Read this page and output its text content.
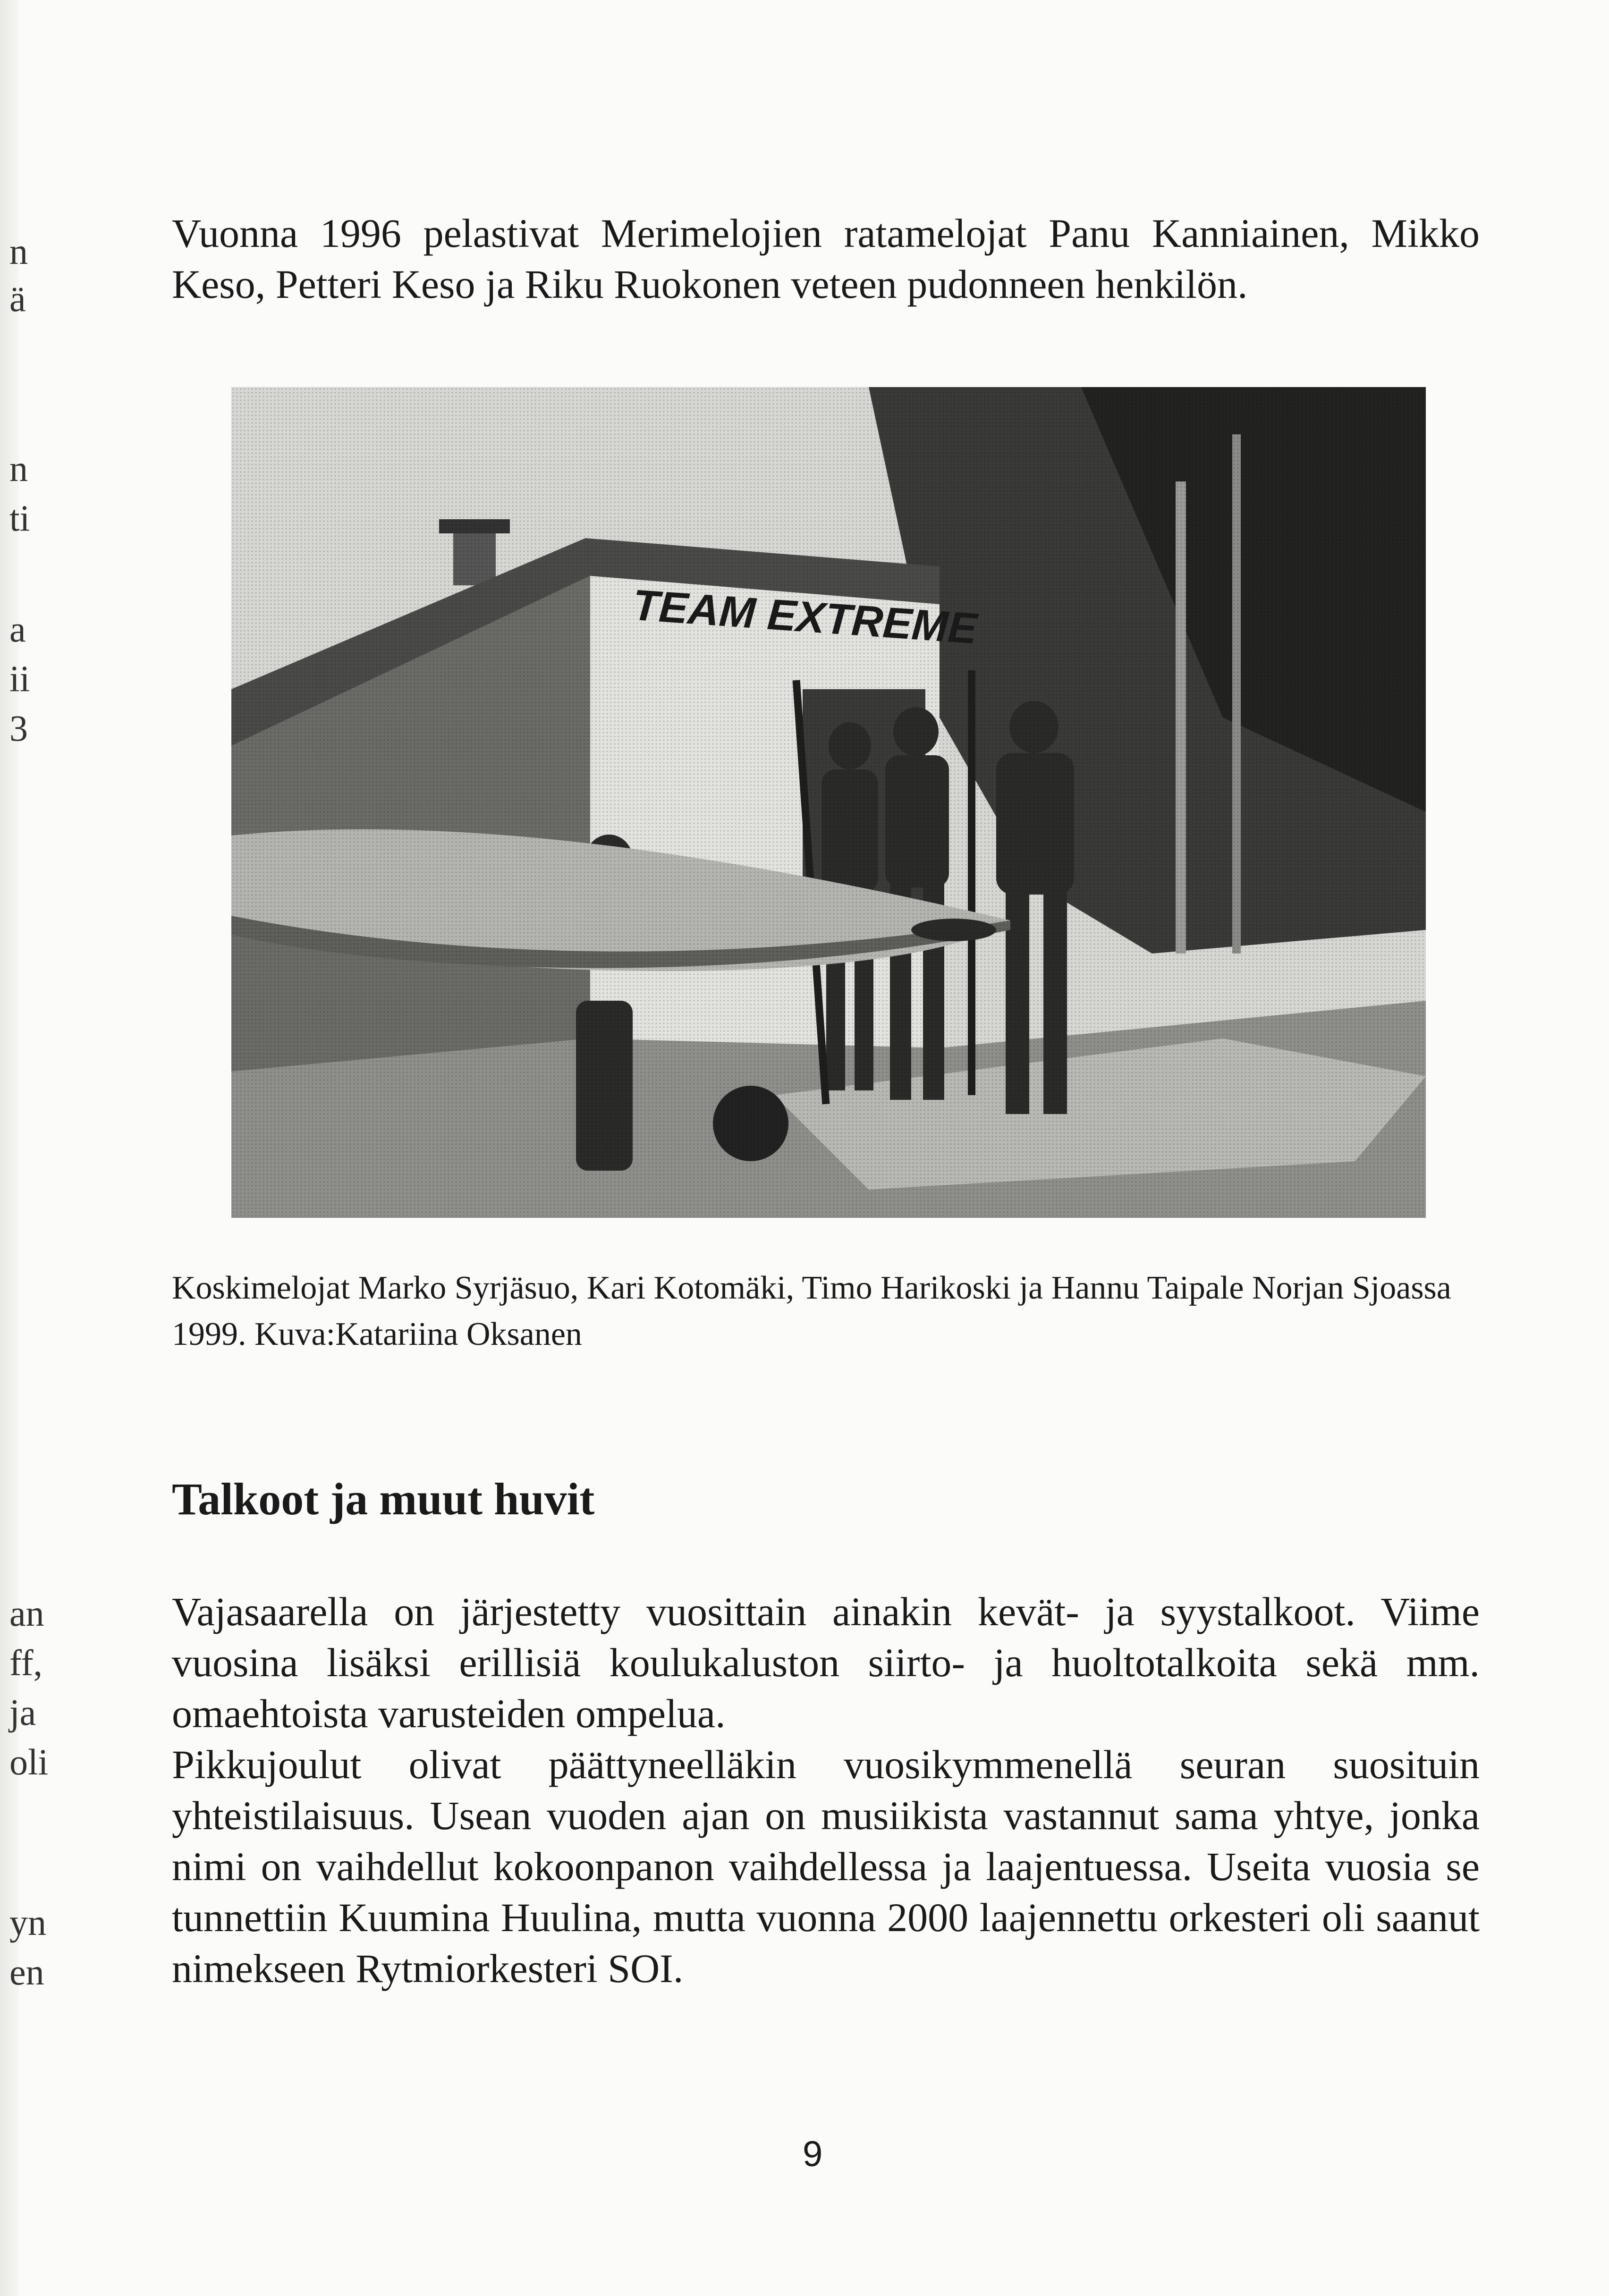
n
ä
n
ti
a
ii
3
an
ff,
ja
oli
yn
en

Vuonna 1996 pelastivat Merimelojien ratamelojat Panu Kanniainen, Mikko Keso, Petteri Keso ja Riku Ruokonen veteen pudonneen henkilön.

Koskimelojat Marko Syrjäsuo, Kari Kotomäki, Timo Harikoski ja Hannu Taipale Norjan Sjoassa 1999. Kuva:Katariina Oksanen

Talkoot ja muut huvit

Vajasaarella on järjestetty vuosittain ainakin kevät- ja syystalkoot. Viime vuosina lisäksi erillisiä koulukaluston siirto- ja huoltotalkoita sekä mm. omaehtoista varusteiden ompelua.

Pikkujoulut olivat päättyneelläkin vuosikymmenellä seuran suosituin yhteistilaisuus. Usean vuoden ajan on musiikista vastannut sama yhtye, jonka nimi on vaihdellut kokoonpanon vaihdellessa ja laajentuessa. Useita vuosia se tunnettiin Kuumina Huulina, mutta vuonna 2000 laajennettu orkesteri oli saanut nimekseen Rytmiorkesteri SOI.

9
